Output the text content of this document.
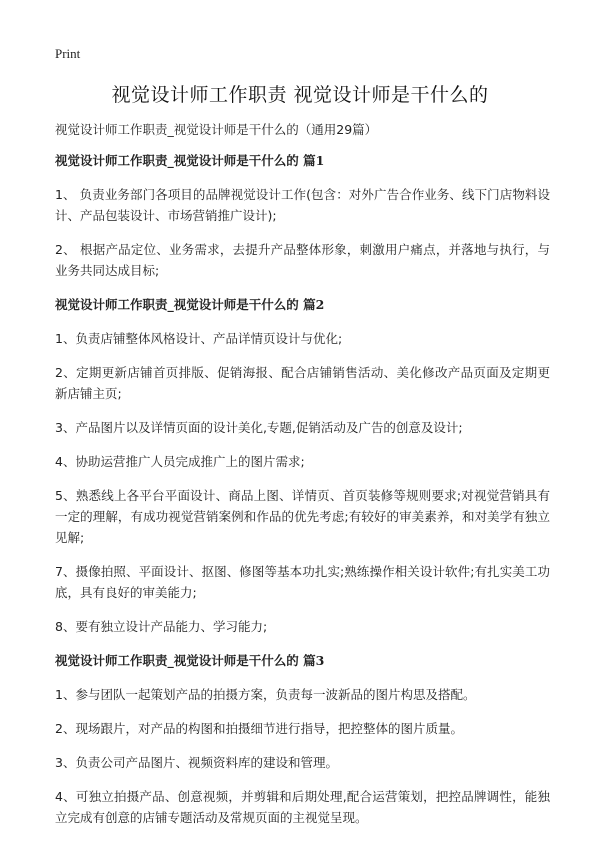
Print
视觉设计师工作职责 视觉设计师是干什么的
视觉设计师工作职责_视觉设计师是干什么的（通用29篇）
视觉设计师工作职责_视觉设计师是干什么的 篇1

1、 负责业务部门各项目的品牌视觉设计工作(包含：对外广告合作业务、线下门店物料设计、产品包装设计、市场营销推广设计);

2、 根据产品定位、业务需求，去提升产品整体形象，刺激用户痛点，并落地与执行，与业务共同达成目标;

视觉设计师工作职责_视觉设计师是干什么的 篇2

1、负责店铺整体风格设计、产品详情页设计与优化;

2、定期更新店铺首页排版、促销海报、配合店铺销售活动、美化修改产品页面及定期更新店铺主页;

3、产品图片以及详情页面的设计美化,专题,促销活动及广告的创意及设计;

4、协助运营推广人员完成推广上的图片需求;

5、熟悉线上各平台平面设计、商品上图、详情页、首页装修等规则要求;对视觉营销具有一定的理解，有成功视觉营销案例和作品的优先考虑;有较好的审美素养，和对美学有独立见解;

7、摄像拍照、平面设计、抠图、修图等基本功扎实;熟练操作相关设计软件;有扎实美工功底，具有良好的审美能力;

8、要有独立设计产品能力、学习能力;

视觉设计师工作职责_视觉设计师是干什么的 篇3

1、参与团队一起策划产品的拍摄方案，负责每一波新品的图片构思及搭配。

2、现场跟片，对产品的构图和拍摄细节进行指导，把控整体的图片质量。

3、负责公司产品图片、视频资料库的建设和管理。

4、可独立拍摄产品、创意视频，并剪辑和后期处理,配合运营策划，把控品牌调性，能独立完成有创意的店铺专题活动及常规页面的主视觉呈现。
